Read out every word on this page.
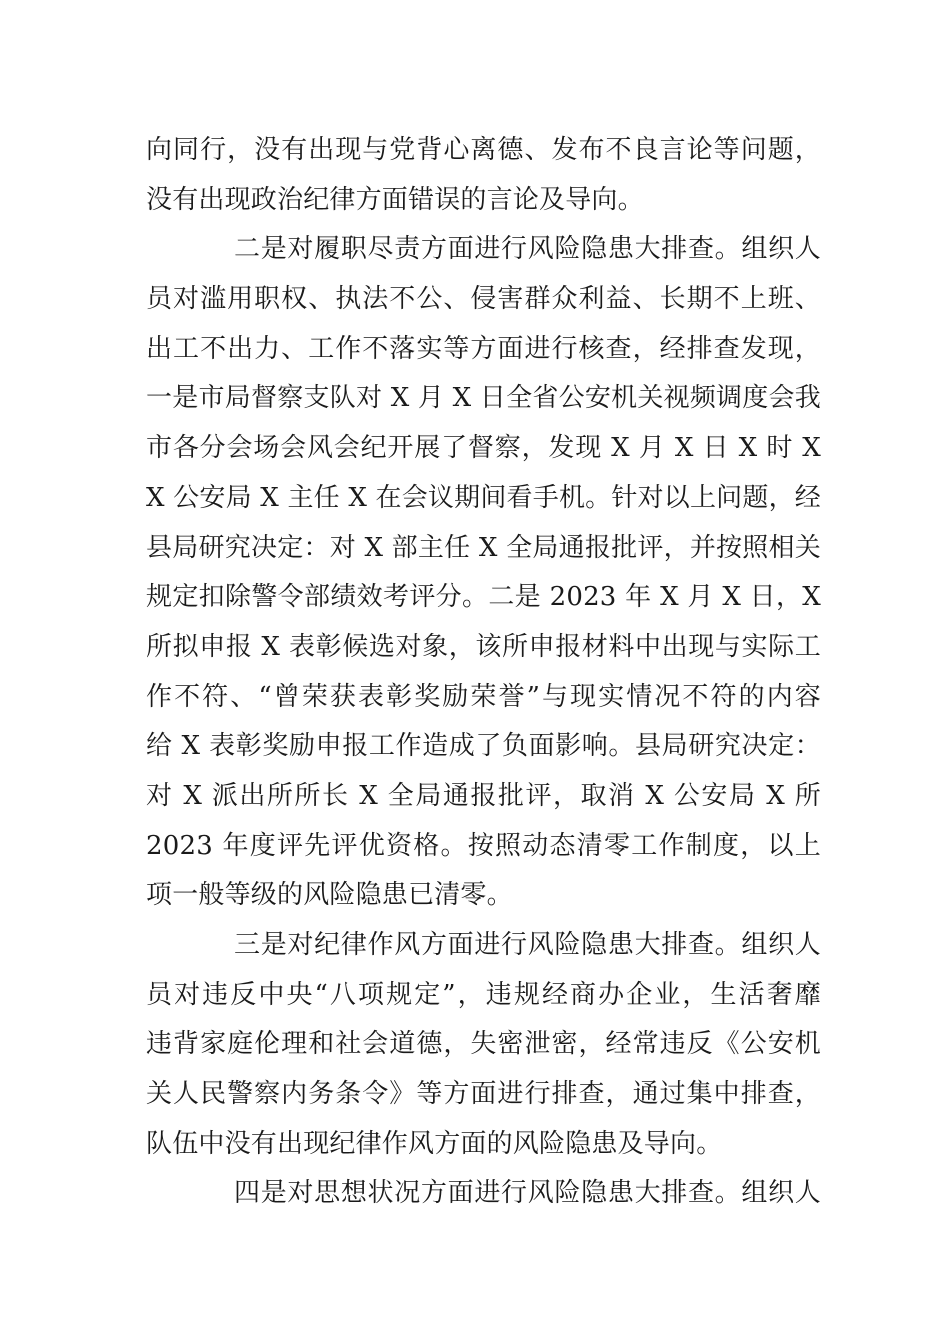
向同行，没有出现与党背心离德、发布不良言论等问题，
没有出现政治纪律方面错误的言论及导向。
二是对履职尽责方面进行风险隐患大排查。组织人
员对滥用职权、执法不公、侵害群众利益、长期不上班、
出工不出力、工作不落实等方面进行核查，经排查发现，
一是市局督察支队对 X 月 X 日全省公安机关视频调度会我
市各分会场会风会纪开展了督察，发现 X 月 X 日 X 时 X
X 公安局 X 主任 X 在会议期间看手机。针对以上问题，经
县局研究决定：对 X 部主任 X 全局通报批评，并按照相关
规定扣除警令部绩效考评分。二是 2023 年 X 月 X 日，X
所拟申报 X 表彰候选对象，该所申报材料中出现与实际工
作不符、“曾荣获表彰奖励荣誉”与现实情况不符的内容
给 X 表彰奖励申报工作造成了负面影响。县局研究决定：
对 X 派出所所长 X 全局通报批评，取消 X 公安局 X 所
2023 年度评先评优资格。按照动态清零工作制度，以上
项一般等级的风险隐患已清零。
三是对纪律作风方面进行风险隐患大排查。组织人
员对违反中央“八项规定”，违规经商办企业，生活奢靡
违背家庭伦理和社会道德，失密泄密，经常违反《公安机
关人民警察内务条令》等方面进行排查，通过集中排查，
队伍中没有出现纪律作风方面的风险隐患及导向。
四是对思想状况方面进行风险隐患大排查。组织人
